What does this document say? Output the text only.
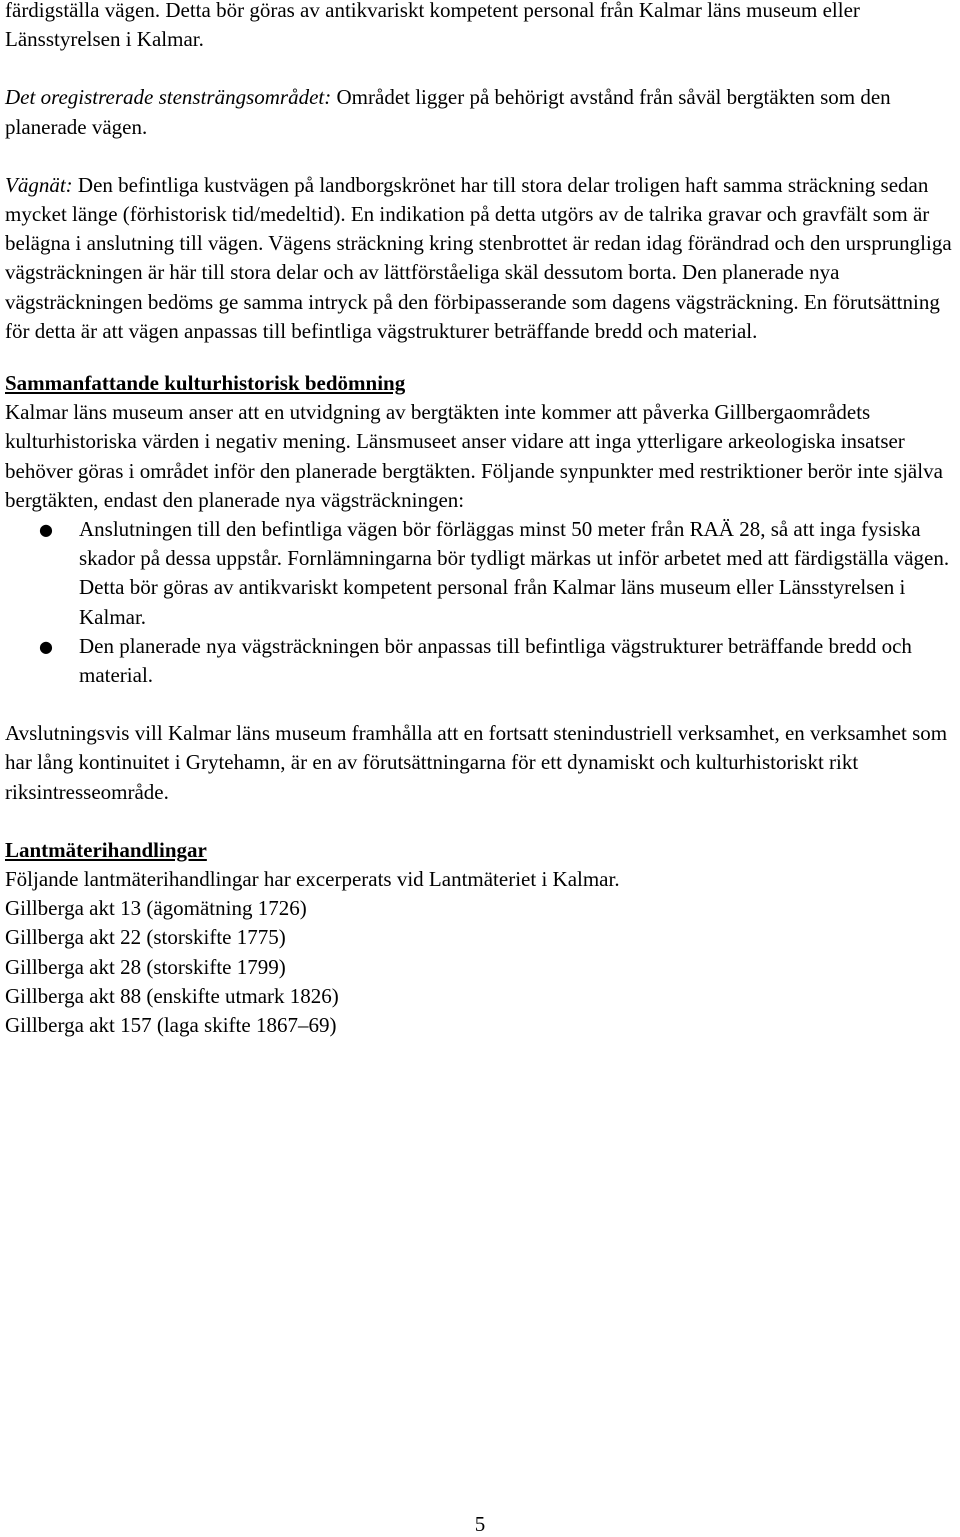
färdigställa vägen. Detta bör göras av antikvariskt kompetent personal från Kalmar läns museum eller Länsstyrelsen i Kalmar.

Det oregistrerade stensträngsområdet: Området ligger på behörigt avstånd från såväl bergtäkten som den planerade vägen.

Vägnät: Den befintliga kustvägen på landborgskrönet har till stora delar troligen haft samma sträckning sedan mycket länge (förhistorisk tid/medeltid). En indikation på detta utgörs av de talrika gravar och gravfält som är belägna i anslutning till vägen. Vägens sträckning kring stenbrottet är redan idag förändrad och den ursprungliga vägsträckningen är här till stora delar och av lättförståeliga skäl dessutom borta. Den planerade nya vägsträckningen bedöms ge samma intryck på den förbipasserande som dagens vägsträckning. En förutsättning för detta är att vägen anpassas till befintliga vägstrukturer beträffande bredd och material.

Sammanfattande kulturhistorisk bedömning

Kalmar läns museum anser att en utvidgning av bergtäkten inte kommer att påverka Gillbergaområdets kulturhistoriska värden i negativ mening. Länsmuseet anser vidare att inga ytterligare arkeologiska insatser behöver göras i området inför den planerade bergtäkten. Följande synpunkter med restriktioner berör inte själva bergtäkten, endast den planerade nya vägsträckningen:

● Anslutningen till den befintliga vägen bör förläggas minst 50 meter från RAÄ 28, så att inga fysiska skador på dessa uppstår. Fornlämningarna bör tydligt märkas ut inför arbetet med att färdigställa vägen. Detta bör göras av antikvariskt kompetent personal från Kalmar läns museum eller Länsstyrelsen i Kalmar.
● Den planerade nya vägsträckningen bör anpassas till befintliga vägstrukturer beträffande bredd och material.

Avslutningsvis vill Kalmar läns museum framhålla att en fortsatt stenindustriell verksamhet, en verksamhet som har lång kontinuitet i Grytehamn, är en av förutsättningarna för ett dynamiskt och kulturhistoriskt rikt riksintresseområde.

Lantmäterihandlingar

Följande lantmäterihandlingar har excerperats vid Lantmäteriet i Kalmar.

Gillberga akt 13 (ägomätning 1726)

Gillberga akt 22 (storskifte 1775)

Gillberga akt 28 (storskifte 1799)

Gillberga akt 88 (enskifte utmark 1826)

Gillberga akt 157 (laga skifte 1867–69)

5
